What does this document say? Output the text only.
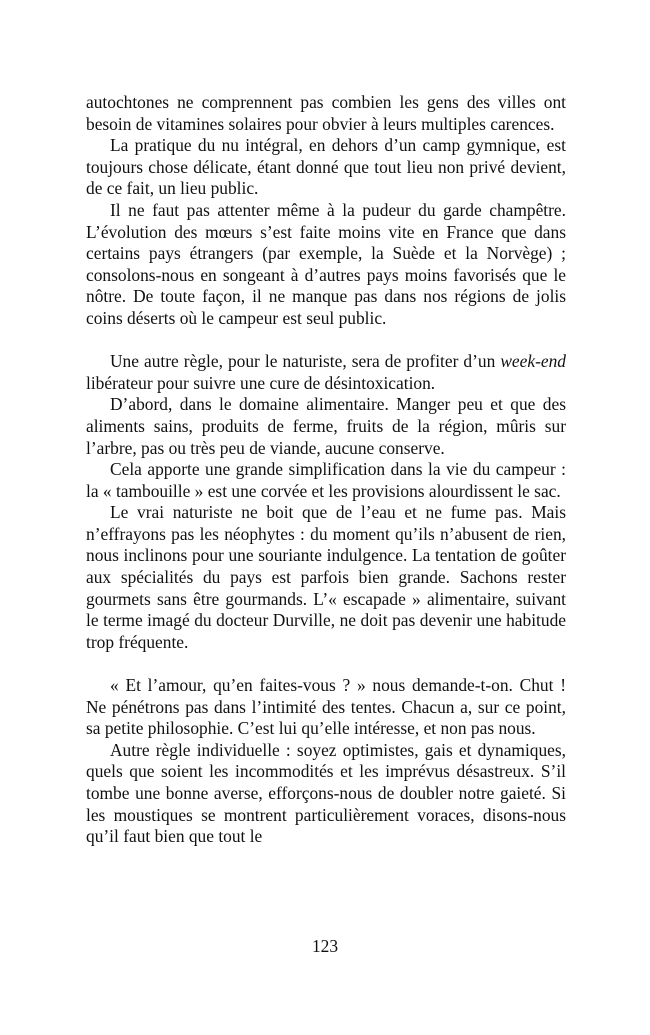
autochtones ne comprennent pas combien les gens des villes ont besoin de vitamines solaires pour obvier à leurs multiples carences.

La pratique du nu intégral, en dehors d’un camp gymnique, est toujours chose délicate, étant donné que tout lieu non privé devient, de ce fait, un lieu public.

Il ne faut pas attenter même à la pudeur du garde champêtre. L’évolution des mœurs s’est faite moins vite en France que dans certains pays étrangers (par exemple, la Suède et la Norvège) ; consolons-nous en songeant à d’autres pays moins favorisés que le nôtre. De toute façon, il ne manque pas dans nos régions de jolis coins déserts où le campeur est seul public.

Une autre règle, pour le naturiste, sera de profiter d’un week-end libérateur pour suivre une cure de désintoxication.

D’abord, dans le domaine alimentaire. Manger peu et que des aliments sains, produits de ferme, fruits de la région, mûris sur l’arbre, pas ou très peu de viande, aucune conserve.

Cela apporte une grande simplification dans la vie du campeur : la « tambouille » est une corvée et les provisions alourdissent le sac.

Le vrai naturiste ne boit que de l’eau et ne fume pas. Mais n’effrayons pas les néophytes : du moment qu’ils n’abusent de rien, nous inclinons pour une souriante indulgence. La tentation de goûter aux spécialités du pays est parfois bien grande. Sachons rester gourmets sans être gourmands. L’« escapade » alimentaire, suivant le terme imagé du docteur Durville, ne doit pas devenir une habitude trop fréquente.

« Et l’amour, qu’en faites-vous ? » nous demande-t-on. Chut ! Ne pénétrons pas dans l’intimité des tentes. Chacun a, sur ce point, sa petite philosophie. C’est lui qu’elle intéresse, et non pas nous.

Autre règle individuelle : soyez optimistes, gais et dynamiques, quels que soient les incommodités et les imprévus désastreux. S’il tombe une bonne averse, efforçons-nous de doubler notre gaieté. Si les moustiques se montrent particulièrement voraces, disons-nous qu’il faut bien que tout le

123
